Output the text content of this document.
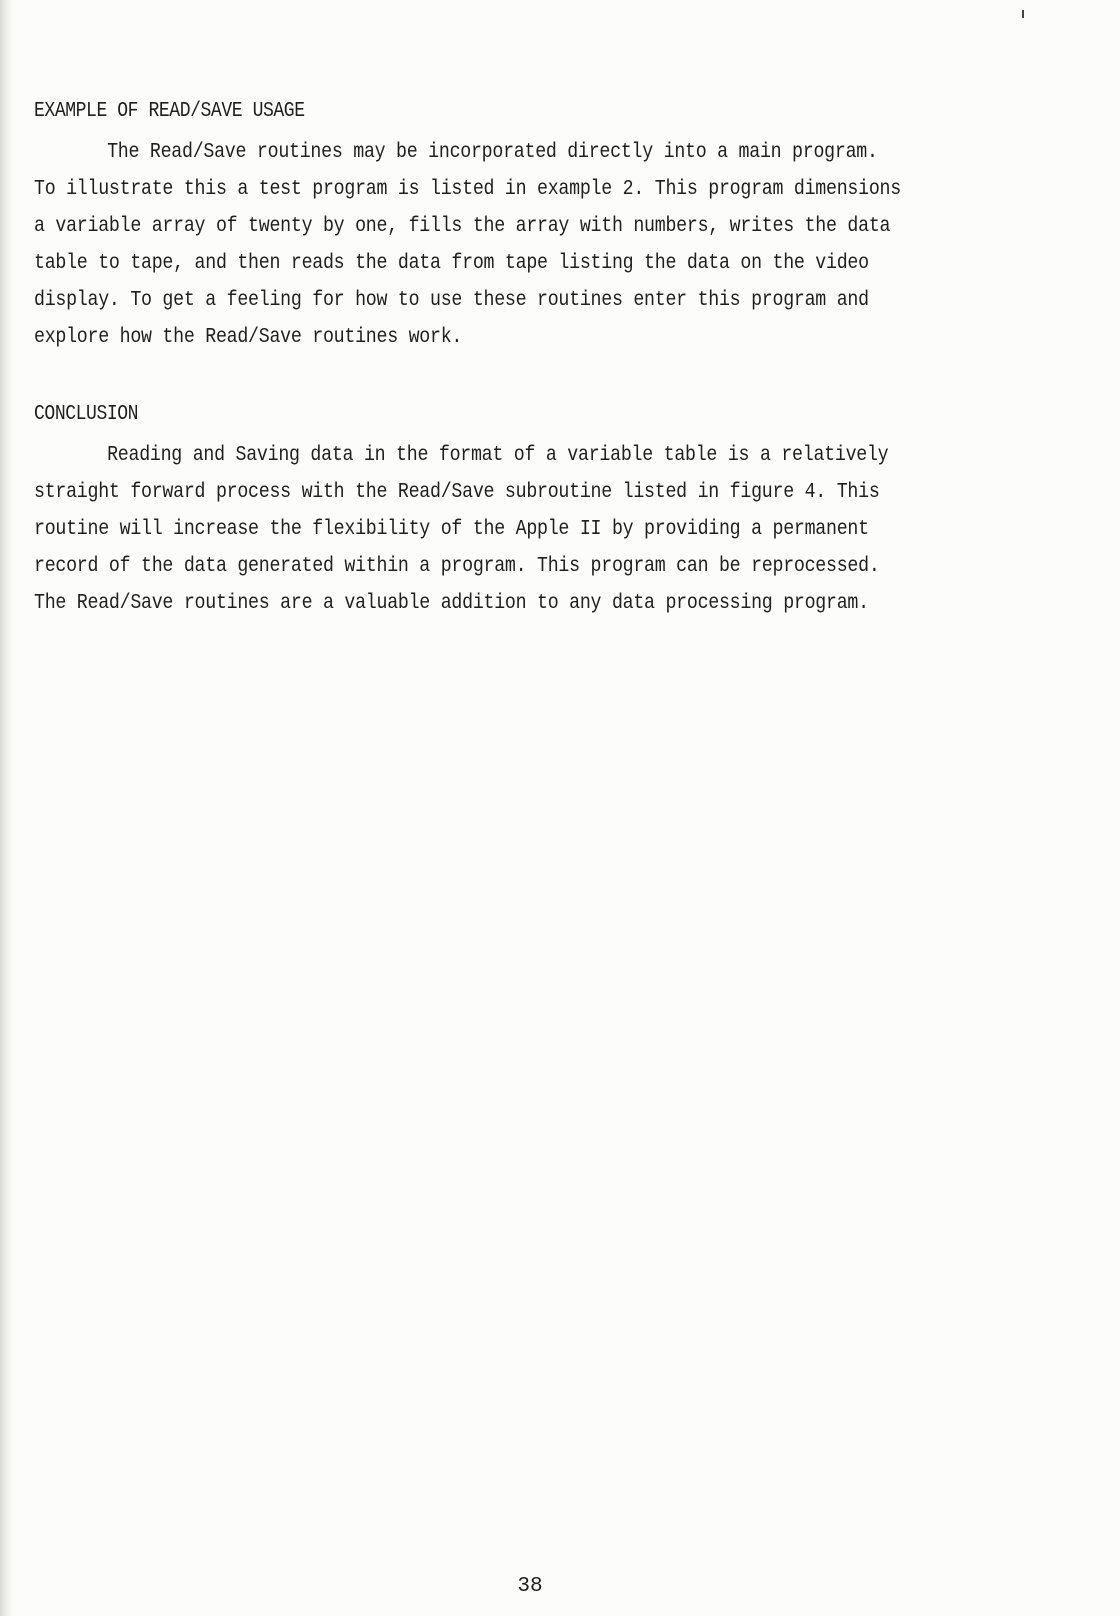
EXAMPLE OF READ/SAVE USAGE
The Read/Save routines may be incorporated directly into a main program.
To illustrate this a test program is listed in example 2. This program dimensions
a variable array of twenty by one, fills the array with numbers, writes the data
table to tape, and then reads the data from tape listing the data on the video
display. To get a feeling for how to use these routines enter this program and
explore how the Read/Save routines work.
CONCLUSION
Reading and Saving data in the format of a variable table is a relatively
straight forward process with the Read/Save subroutine listed in figure 4. This
routine will increase the flexibility of the Apple II by providing a permanent
record of the data generated within a program. This program can be reprocessed.
The Read/Save routines are a valuable addition to any data processing program.
38
